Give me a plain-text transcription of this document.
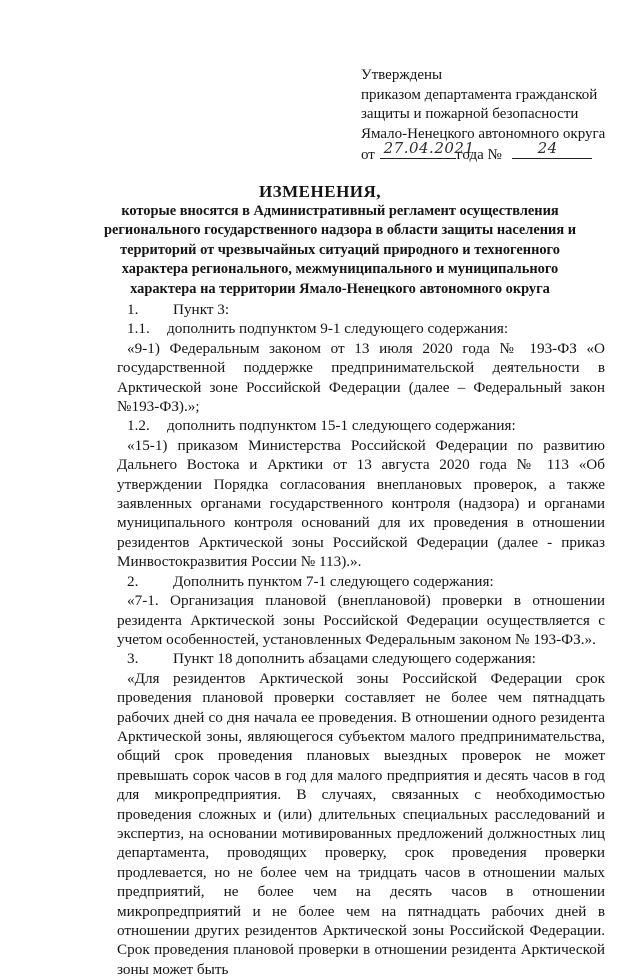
Утверждены
приказом департамента гражданской
защиты и пожарной безопасности
Ямало-Ненецкого автономного округа
от 27.04.2021
года № 24
ИЗМЕНЕНИЯ,
которые вносятся в Административный регламент осуществления регионального государственного надзора в области защиты населения и территорий от чрезвычайных ситуаций природного и техногенного характера регионального, межмуниципального и муниципального характера на территории Ямало-Ненецкого автономного округа

1. Пункт 3:

1.1. дополнить подпунктом 9-1 следующего содержания:

«9-1) Федеральным законом от 13 июля 2020 года № 193-ФЗ «О государственной поддержке предпринимательской деятельности в Арктической зоне Российской Федерации (далее – Федеральный закон №193-ФЗ).»;

1.2. дополнить подпунктом 15-1 следующего содержания:

«15-1) приказом Министерства Российской Федерации по развитию Дальнего Востока и Арктики от 13 августа 2020 года № 113 «Об утверждении Порядка согласования внеплановых проверок, а также заявленных органами государственного контроля (надзора) и органами муниципального контроля оснований для их проведения в отношении резидентов Арктической зоны Российской Федерации (далее - приказ Минвостокразвития России № 113).».

2. Дополнить пунктом 7-1 следующего содержания:

«7-1. Организация плановой (внеплановой) проверки в отношении резидента Арктической зоны Российской Федерации осуществляется с учетом особенностей, установленных Федеральным законом № 193-ФЗ.».

3. Пункт 18 дополнить абзацами следующего содержания:

«Для резидентов Арктической зоны Российской Федерации срок проведения плановой проверки составляет не более чем пятнадцать рабочих дней со дня начала ее проведения. В отношении одного резидента Арктической зоны, являющегося субъектом малого предпринимательства, общий срок проведения плановых выездных проверок не может превышать сорок часов в год для малого предприятия и десять часов в год для микропредприятия. В случаях, связанных с необходимостью проведения сложных и (или) длительных специальных расследований и экспертиз, на основании мотивированных предложений должностных лиц департамента, проводящих проверку, срок проведения проверки продлевается, но не более чем на тридцать часов в отношении малых предприятий, не более чем на десять часов в отношении микропредприятий и не более чем на пятнадцать рабочих дней в отношении других резидентов Арктической зоны Российской Федерации. Срок проведения плановой проверки в отношении резидента Арктической зоны может быть
